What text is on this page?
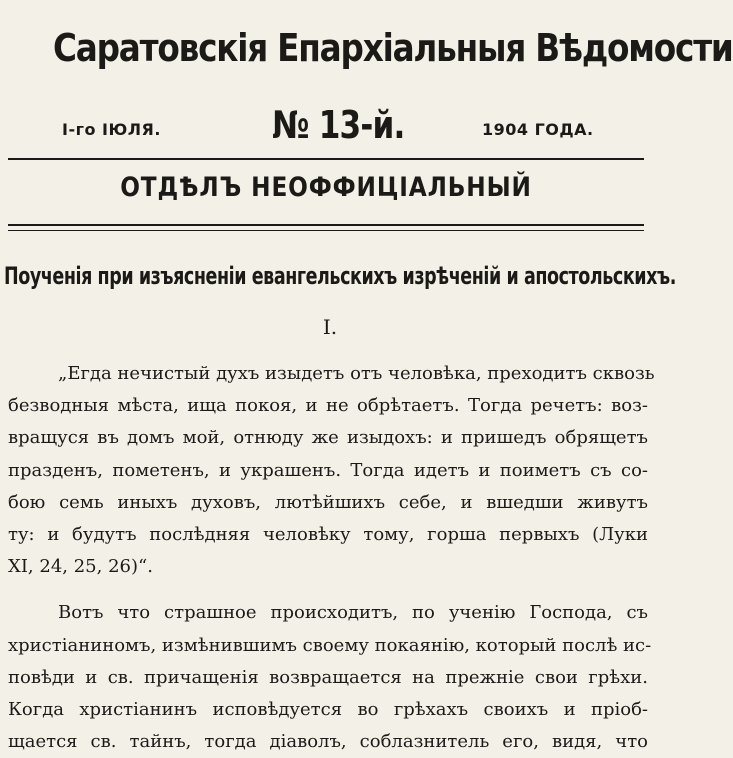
Саратовскія Епархіальныя Вѣдомости
I-го ІЮЛЯ.	№ 13-й.	1904 ГОДА.
ОТДѢЛЪ НЕОФФИЦІАЛЬНЫЙ
Поученія при изъясненіи евангельскихъ изрѣченій и апостольскихъ.
I.
„Егда нечистый духъ изыдетъ отъ человѣка, преходитъ сквозь
безводныя мѣста, ища покоя, и не обрѣтаетъ. Тогда речетъ: воз-
вращуся въ домъ мой, отнюду же изыдохъ: и пришедъ обрящетъ
празденъ, пометенъ, и украшенъ. Тогда идетъ и поиметъ съ со-
бою семь иныхъ духовъ, лютѣйшихъ себе, и вшедши живутъ
ту: и будутъ послѣдняя человѣку тому, горша первыхъ (Луки
XI, 24, 25, 26)“.
Вотъ что страшное происходитъ, по ученію Господа, съ
христіаниномъ, измѣнившимъ своему покаянію, который послѣ ис-
повѣди и св. причащенія возвращается на прежніе свои грѣхи.
Когда христіанинъ исповѣдуется во грѣхахъ своихъ и пріоб-
щается св. тайнъ, тогда діаволъ, соблазнитель его, видя, что
